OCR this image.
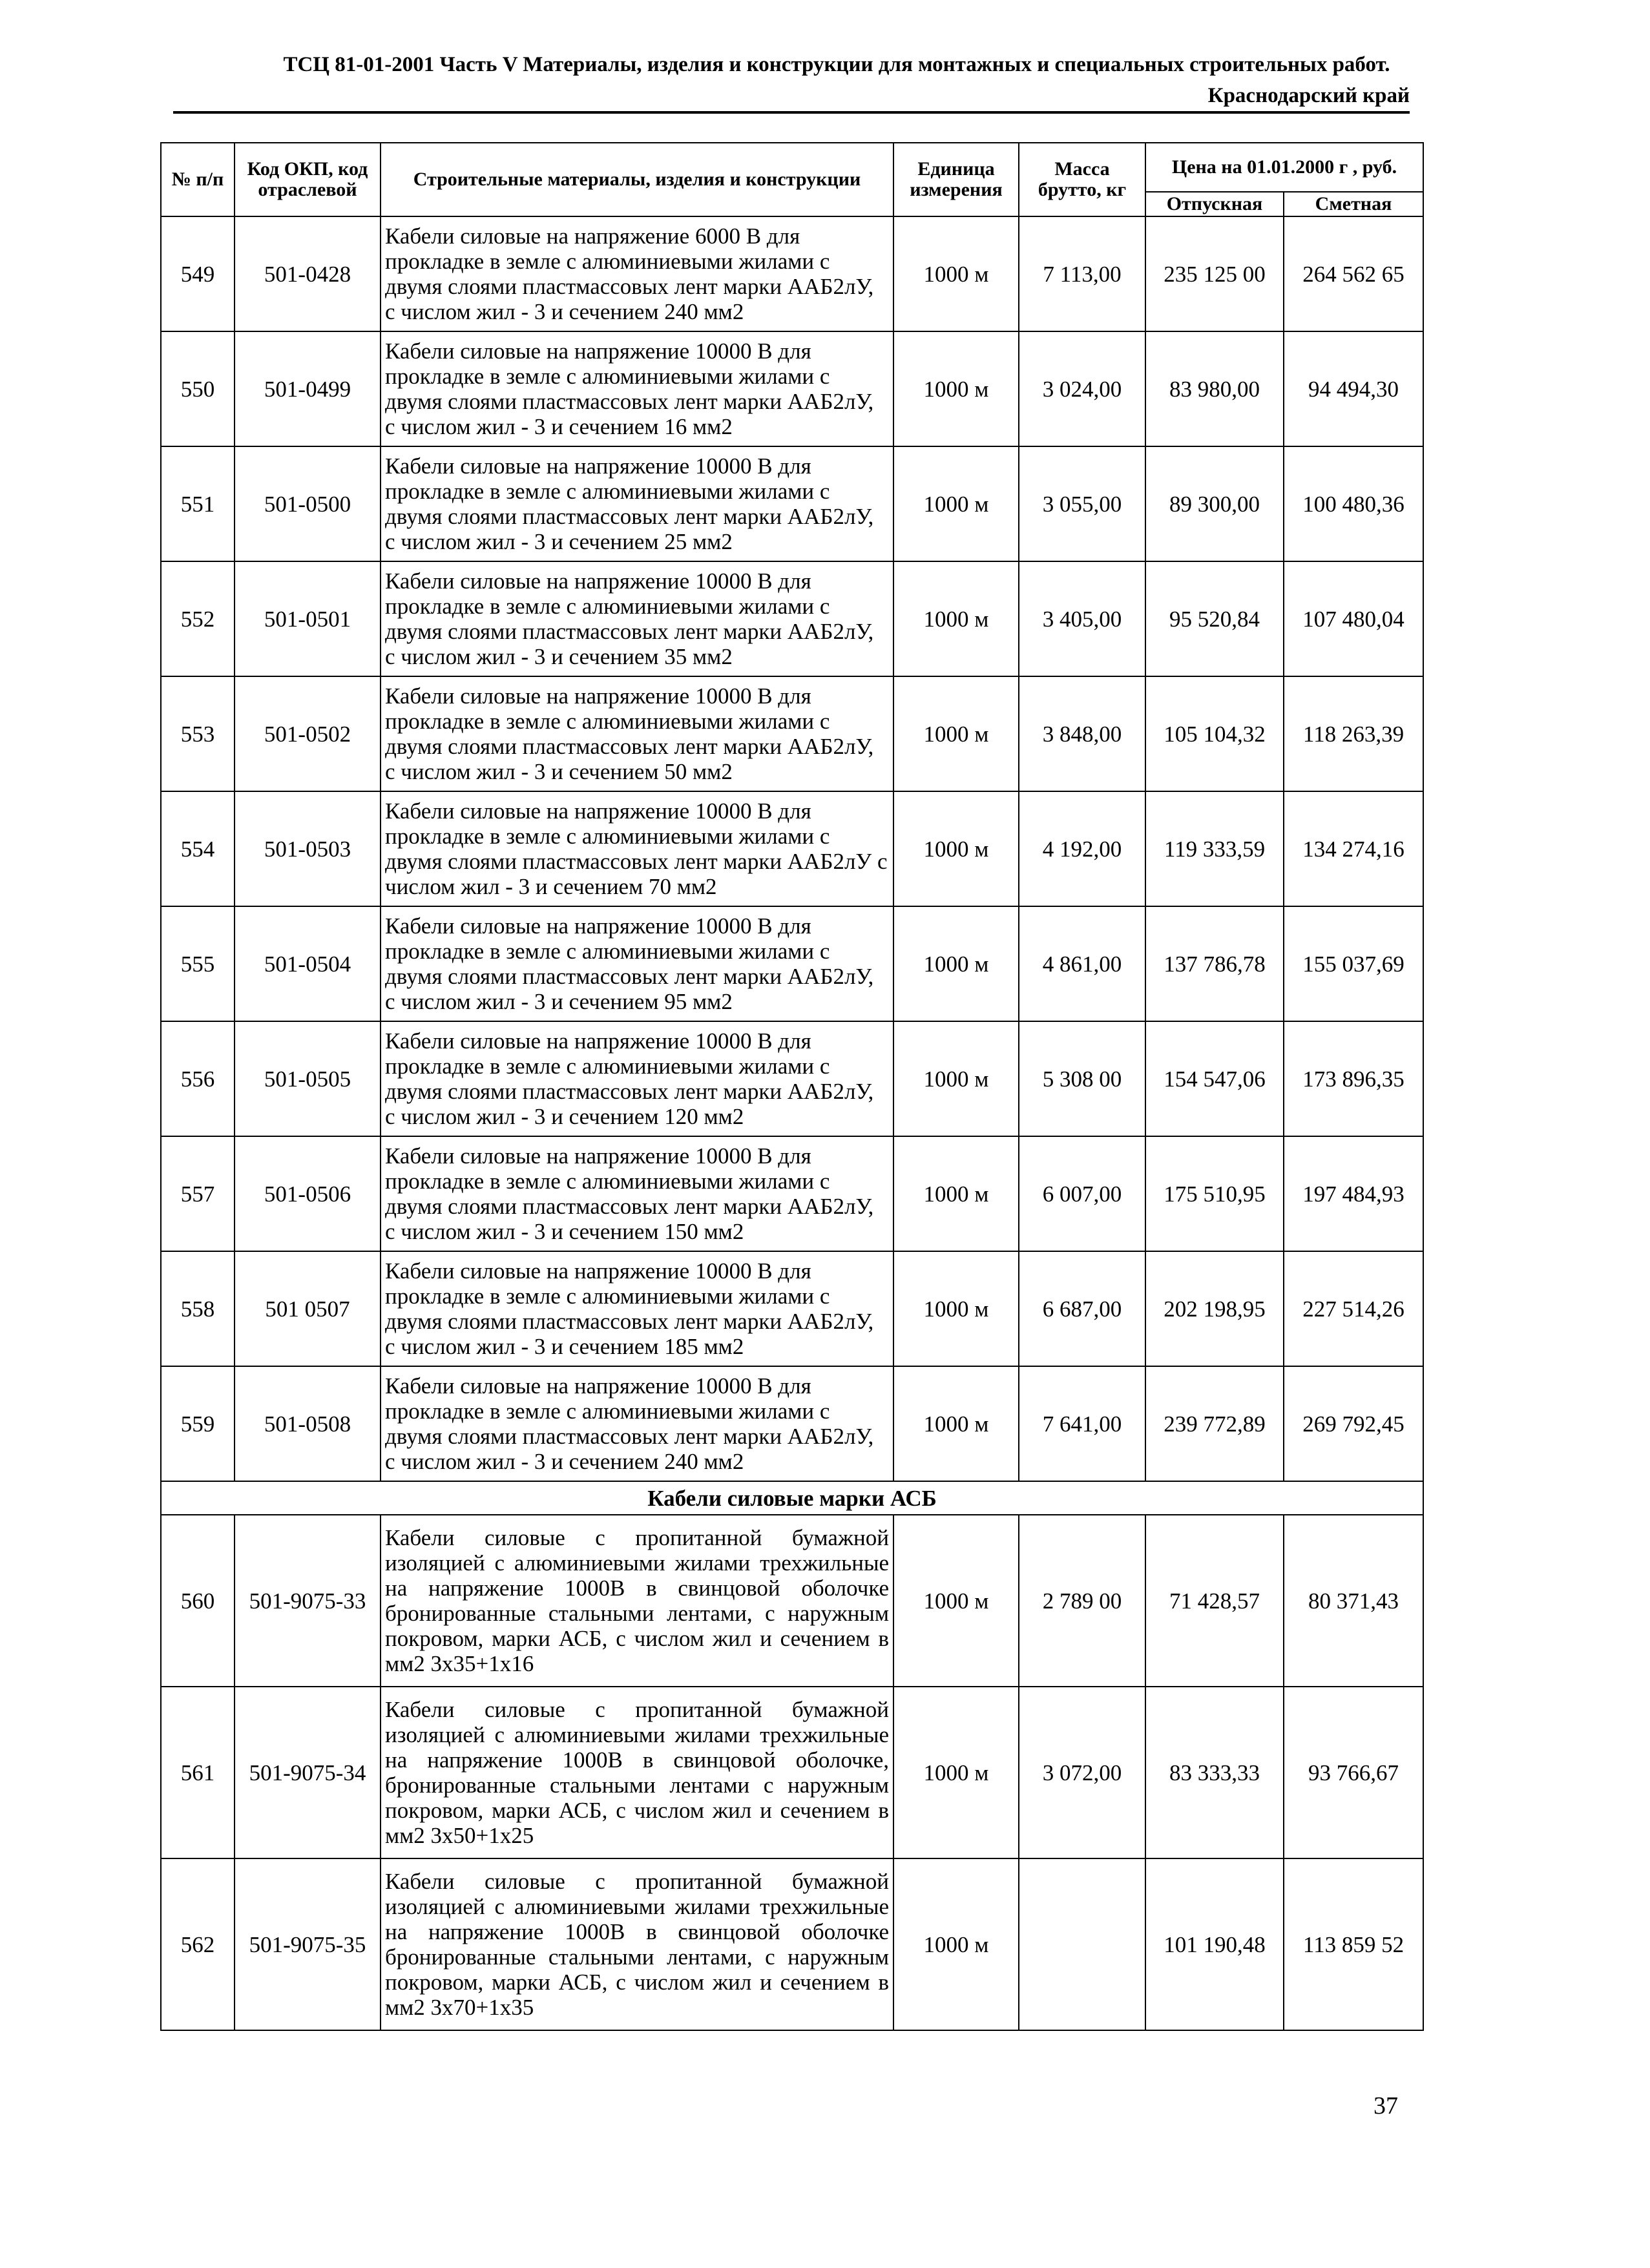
ТСЦ 81-01-2001 Часть V Материалы, изделия и конструкции для монтажных и специальных строительных работ.
Краснодарский край
№ п/п	Код ОКП, код отраслевой	Строительные материалы, изделия и конструкции	Единица измерения	Масса брутто, кг	Цена на 01.01.2000 г , руб.	
					Отпускная	Сметная
549	501-0428	Кабели силовые на напряжение 6000 В для прокладке в земле с алюминиевыми жилами с двумя слоями пластмассовых лент марки ААБ2лУ, с числом жил - 3 и сечением 240 мм2	1000 м	7 113,00	235 125 00	264 562 65
550	501-0499	Кабели силовые на напряжение 10000 В для прокладке в земле с алюминиевыми жилами с двумя слоями пластмассовых лент марки ААБ2лУ, с числом жил - 3 и сечением 16 мм2	1000 м	3 024,00	83 980,00	94 494,30
551	501-0500	Кабели силовые на напряжение 10000 В для прокладке в земле с алюминиевыми жилами с двумя слоями пластмассовых лент марки ААБ2лУ, с числом жил - 3 и сечением 25 мм2	1000 м	3 055,00	89 300,00	100 480,36
552	501-0501	Кабели силовые на напряжение 10000 В для прокладке в земле с алюминиевыми жилами с двумя слоями пластмассовых лент марки ААБ2лУ, с числом жил - 3 и сечением 35 мм2	1000 м	3 405,00	95 520,84	107 480,04
553	501-0502	Кабели силовые на напряжение 10000 В для прокладке в земле с алюминиевыми жилами с двумя слоями пластмассовых лент марки ААБ2лУ, с числом жил - 3 и сечением 50 мм2	1000 м	3 848,00	105 104,32	118 263,39
554	501-0503	Кабели силовые на напряжение 10000 В для прокладке в земле с алюминиевыми жилами с двумя слоями пластмассовых лент марки ААБ2лУ с числом жил - 3 и сечением 70 мм2	1000 м	4 192,00	119 333,59	134 274,16
555	501-0504	Кабели силовые на напряжение 10000 В для прокладке в земле с алюминиевыми жилами с двумя слоями пластмассовых лент марки ААБ2лУ, с числом жил - 3 и сечением 95 мм2	1000 м	4 861,00	137 786,78	155 037,69
556	501-0505	Кабели силовые на напряжение 10000 В для прокладке в земле с алюминиевыми жилами с двумя слоями пластмассовых лент марки ААБ2лУ, с числом жил - 3 и сечением 120 мм2	1000 м	5 308 00	154 547,06	173 896,35
557	501-0506	Кабели силовые на напряжение 10000 В для прокладке в земле с алюминиевыми жилами с двумя слоями пластмассовых лент марки ААБ2лУ, с числом жил - 3 и сечением 150 мм2	1000 м	6 007,00	175 510,95	197 484,93
558	501 0507	Кабели силовые на напряжение 10000 В для прокладке в земле с алюминиевыми жилами с двумя слоями пластмассовых лент марки ААБ2лУ, с числом жил - 3 и сечением 185 мм2	1000 м	6 687,00	202 198,95	227 514,26
559	501-0508	Кабели силовые на напряжение 10000 В для прокладке в земле с алюминиевыми жилами с двумя слоями пластмассовых лент марки ААБ2лУ, с числом жил - 3 и сечением 240 мм2	1000 м	7 641,00	239 772,89	269 792,45
Кабели силовые марки АСБ						
560	501-9075-33	Кабели силовые с пропитанной бумажной изоляцией с алюминиевыми жилами трехжильные на напряжение 1000В в свинцовой оболочке бронированные стальными лентами, с наружным покровом, марки АСБ, с числом жил и сечением в мм2 3х35+1х16	1000 м	2 789 00	71 428,57	80 371,43
561	501-9075-34	Кабели силовые с пропитанной бумажной изоляцией с алюминиевыми жилами трехжильные на напряжение 1000В в свинцовой оболочке, бронированные стальными лентами с наружным покровом, марки АСБ, с числом жил и сечением в мм2 3х50+1х25	1000 м	3 072,00	83 333,33	93 766,67
562	501-9075-35	Кабели силовые с пропитанной бумажной изоляцией с алюминиевыми жилами трехжильные на напряжение 1000В в свинцовой оболочке бронированные стальными лентами, с наружным покровом, марки АСБ, с числом жил и сечением в мм2 3х70+1х35	1000 м		101 190,48	113 859 52
37
